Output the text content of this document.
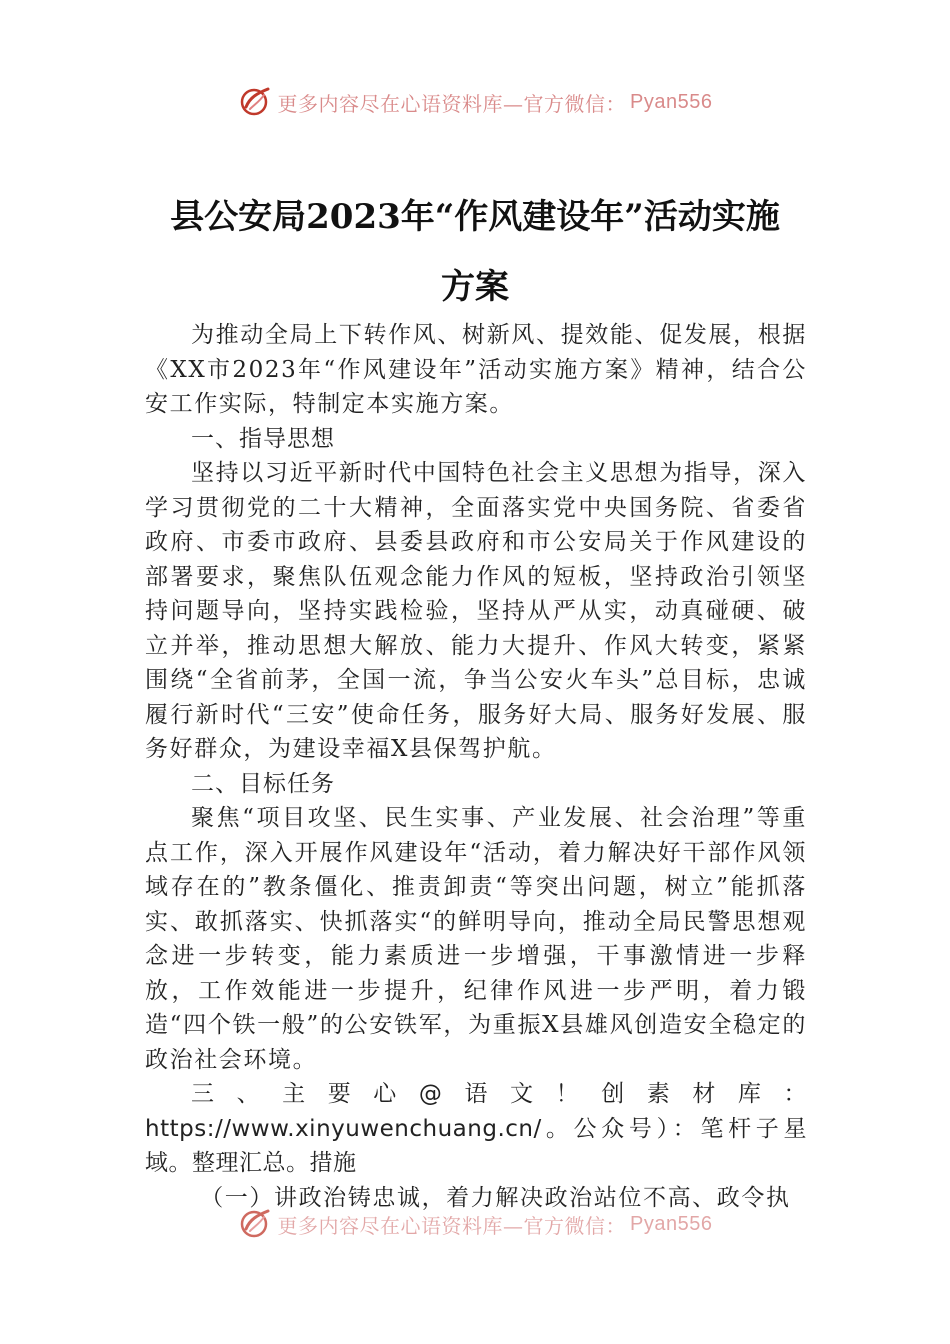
更多内容尽在心语资料库—官方微信： Pyan556
县公安局2023年“作风建设年”活动实施
方案

为推动全局上下转作风、树新风、提效能、促发展，根据《XX市2023年“作风建设年”活动实施方案》精神，结合公安工作实际，特制定本实施方案。

一、指导思想

坚持以习近平新时代中国特色社会主义思想为指导，深入学习贯彻党的二十大精神，全面落实党中央国务院、省委省政府、市委市政府、县委县政府和市公安局关于作风建设的部署要求，聚焦队伍观念能力作风的短板，坚持政治引领坚持问题导向，坚持实践检验，坚持从严从实，动真碰硬、破立并举，推动思想大解放、能力大提升、作风大转变，紧紧围绕“全省前茅，全国一流，争当公安火车头”总目标，忠诚履行新时代“三安”使命任务，服务好大局、服务好发展、服务好群众，为建设幸福X县保驾护航。

二、目标任务

聚焦“项目攻坚、民生实事、产业发展、社会治理”等重点工作，深入开展作风建设年“活动，着力解决好干部作风领域存在的”教条僵化、推责卸责“等突出问题，树立”能抓落实、敢抓落实、快抓落实“的鲜明导向，推动全局民警思想观念进一步转变，能力素质进一步增强，干事激情进一步释放，工作效能进一步提升，纪律作风进一步严明，着力锻造“四个铁一般”的公安铁军，为重振X县雄风创造安全稳定的政治社会环境。

三、主要心@语文！创素材库：https://www.xinyuwenchuang.cn/。公众号）：笔杆子星域。整理汇总。措施

（一）讲政治铸忠诚，着力解决政治站位不高、政令执

更多内容尽在心语资料库—官方微信： Pyan556
